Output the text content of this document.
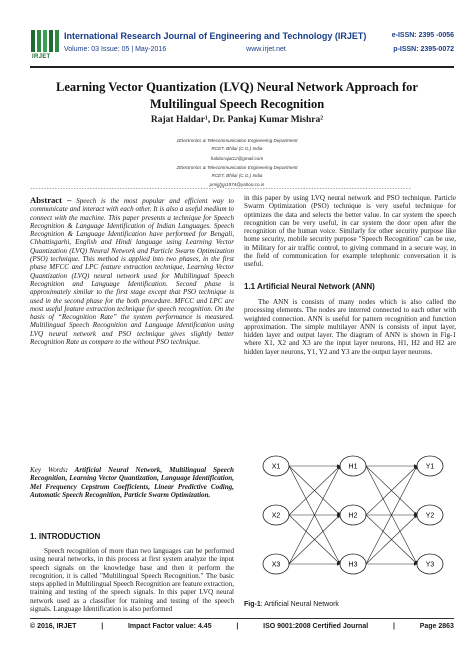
IRJET
International Research Journal of Engineering and Technology (IRJET)
Volume: 03 Issue: 05 | May-2016	www.irjet.net
e-ISSN: 2395 -0056
p-ISSN: 2395-0072
Learning Vector Quantization (LVQ) Neural Network Approach for
Multilingual Speech Recognition
Rajat Haldar¹, Dr. Pankaj Kumar Mishra²
1Electronics & Telecommunication Engineering Department
RCET, Bhilai (C.G.) India
haldarrajat12@gmail.com
2Electronics & Telecommunication Engineering Department
RCET, Bhilai (C.G.) India
---------------------------------------------------------------------***---------------------------------------------------------------------
Abstract – Speech is the most popular and efficient way to communicate and interact with each other. It is also a useful medium to connect with the machine. This paper presents a technique for Speech Recognition & Language Identification of Indian Languages. Speech Recognition & Language Identification have performed for Bengali, Chhattisgarhi, English and Hindi language using Learning Vector Quantization (LVQ) Neural Network and Particle Swarm Optimization (PSO) technique. This method is applied into two phases, in the first phase MFCC and LPC feature extraction technique, Learning Vector Quantization (LVQ) neural network used for Multilingual Speech Recognition and Language Identification. Second phase is approximately similar to the first stage except that PSO technique is used in the second phase for the both procedure. MFCC and LPC are most useful feature extraction technique for speech recognition. On the basis of “Recognition Rate” the system performance is measured. Multilingual Speech Recognition and Language Identification using LVQ neural network and PSO technique gives slightly better Recognition Rate as compare to the without PSO technique.
Key Words: Artificial Neural Network, Multilingual Speech Recognition, Learning Vector Quantization, Language Identification, Mel Frequency Cepstrum Coefficients, Linear Predictive Coding, Automatic Speech Recognition, Particle Swarm Optimization.
1. INTRODUCTION
Speech recognition of more than two languages can be performed using neural networks, in this process at first system analyze the input speech signals on the knowledge base and then it perform the recognition, it is called "Multilingual Speech Recognition." The basic steps applied in Multilingual Speech Recognition are feature extraction, training and testing of the speech signals. In this paper LVQ neural network used as a classifier for training and testing of the speech signals. Language Identification is also performed
in this paper by using LVQ neural network and PSO technique. Particle Swarm Optimization (PSO) technique is very useful technique for optimizes the data and selects the better value. In car system the speech recognition can be very useful, in car system the door open after the recognition of the human voice. Similarly for other security purpose like home security, mobile security purpose "Speech Recognition" can be use, in Military for air traffic control, to giving command in a secure way, in the field of communication for example telephonic conversation it is useful.
1.1 Artificial Neural Network (ANN)
The ANN is consists of many nodes which is also called the processing elements. The nodes are interred connected to each other with weighted connection. ANN is useful for pattern recognition and function approximation. The simple multilayer ANN is consists of input layer, hidden layer and output layer. The diagram of ANN is shown in Fig-1 where X1, X2 and X3 are the input layer neurons, H1, H2 and H2 are hidden layer neurons, Y1, Y2 and Y3 are the output layer neurons.
X1
X2
X3
H1
H2
H3
Y1
Y2
Y3
Fig-1: Artificial Neural Network
© 2016, IRJET	|	Impact Factor value: 4.45	|	ISO 9001:2008 Certified Journal	|	Page 2863
pmishra1974@yahoo.co.in
